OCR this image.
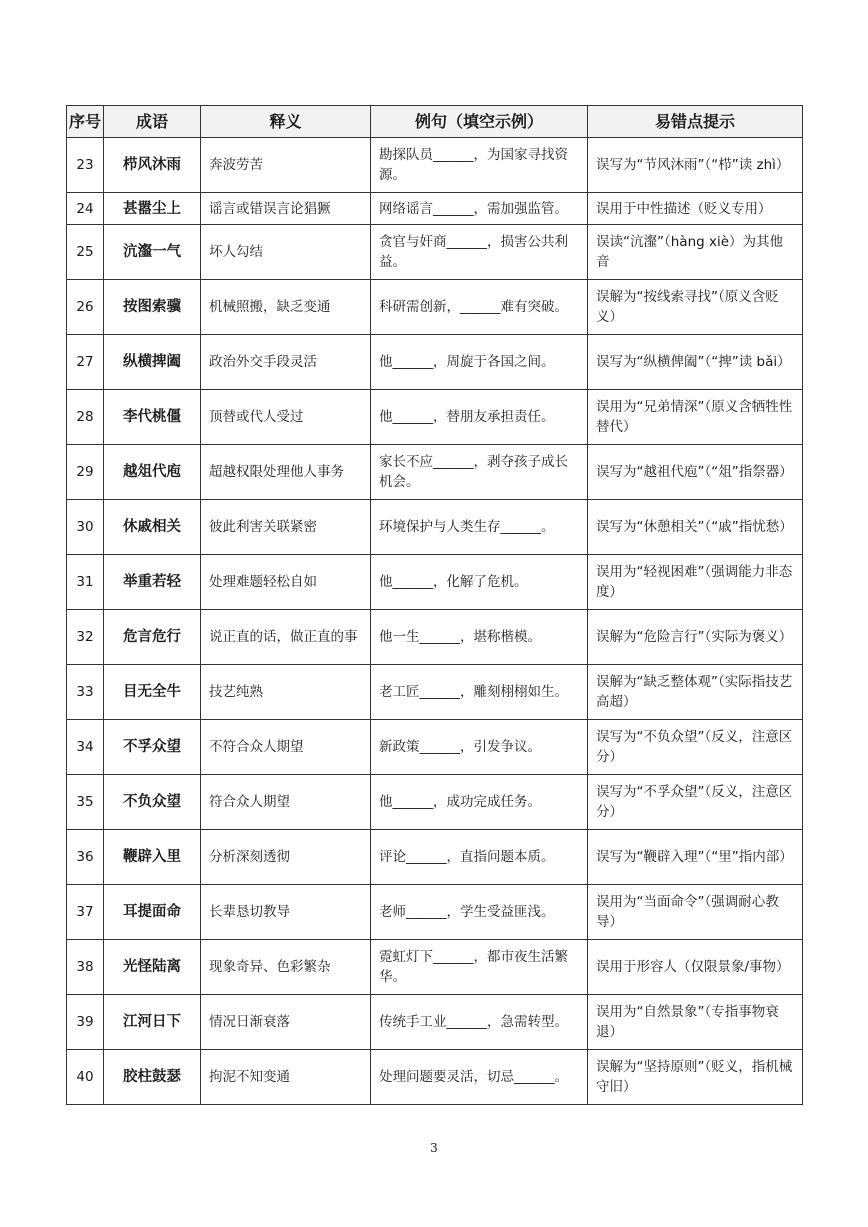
序号	成语	释义	例句（填空示例）	易错点提示
23	栉风沐雨	奔波劳苦	勘探队员______，为国家寻找资源。	误写为“节风沐雨”（“栉”读 zhì）
24	甚嚣尘上	谣言或错误言论猖獗	网络谣言______，需加强监管。	误用于中性描述（贬义专用）
25	沆瀣一气	坏人勾结	贪官与奸商______，损害公共利益。	误读“沆瀣”（hàng xiè）为其他音
26	按图索骥	机械照搬，缺乏变通	科研需创新，______难有突破。	误解为“按线索寻找”（原义含贬义）
27	纵横捭阖	政治外交手段灵活	他______，周旋于各国之间。	误写为“纵横俾阖”（“捭”读 bǎi）
28	李代桃僵	顶替或代人受过	他______，替朋友承担责任。	误用为“兄弟情深”（原义含牺牲性替代）
29	越俎代庖	超越权限处理他人事务	家长不应______，剥夺孩子成长机会。	误写为“越祖代庖”（“俎”指祭器）
30	休戚相关	彼此利害关联紧密	环境保护与人类生存______。	误写为“休憩相关”（“戚”指忧愁）
31	举重若轻	处理难题轻松自如	他______，化解了危机。	误用为“轻视困难”（强调能力非态度）
32	危言危行	说正直的话，做正直的事	他一生______，堪称楷模。	误解为“危险言行”（实际为褒义）
33	目无全牛	技艺纯熟	老工匠______，雕刻栩栩如生。	误解为“缺乏整体观”（实际指技艺高超）
34	不孚众望	不符合众人期望	新政策______，引发争议。	误写为“不负众望”（反义，注意区分）
35	不负众望	符合众人期望	他______，成功完成任务。	误写为“不孚众望”（反义，注意区分）
36	鞭辟入里	分析深刻透彻	评论______，直指问题本质。	误写为“鞭辟入理”（“里”指内部）
37	耳提面命	长辈恳切教导	老师______，学生受益匪浅。	误用为“当面命令”（强调耐心教导）
38	光怪陆离	现象奇异、色彩繁杂	霓虹灯下______，都市夜生活繁华。	误用于形容人（仅限景象/事物）
39	江河日下	情况日渐衰落	传统手工业______，急需转型。	误用为“自然景象”（专指事物衰退）
40	胶柱鼓瑟	拘泥不知变通	处理问题要灵活，切忌______。	误解为“坚持原则”（贬义，指机械守旧）
3
